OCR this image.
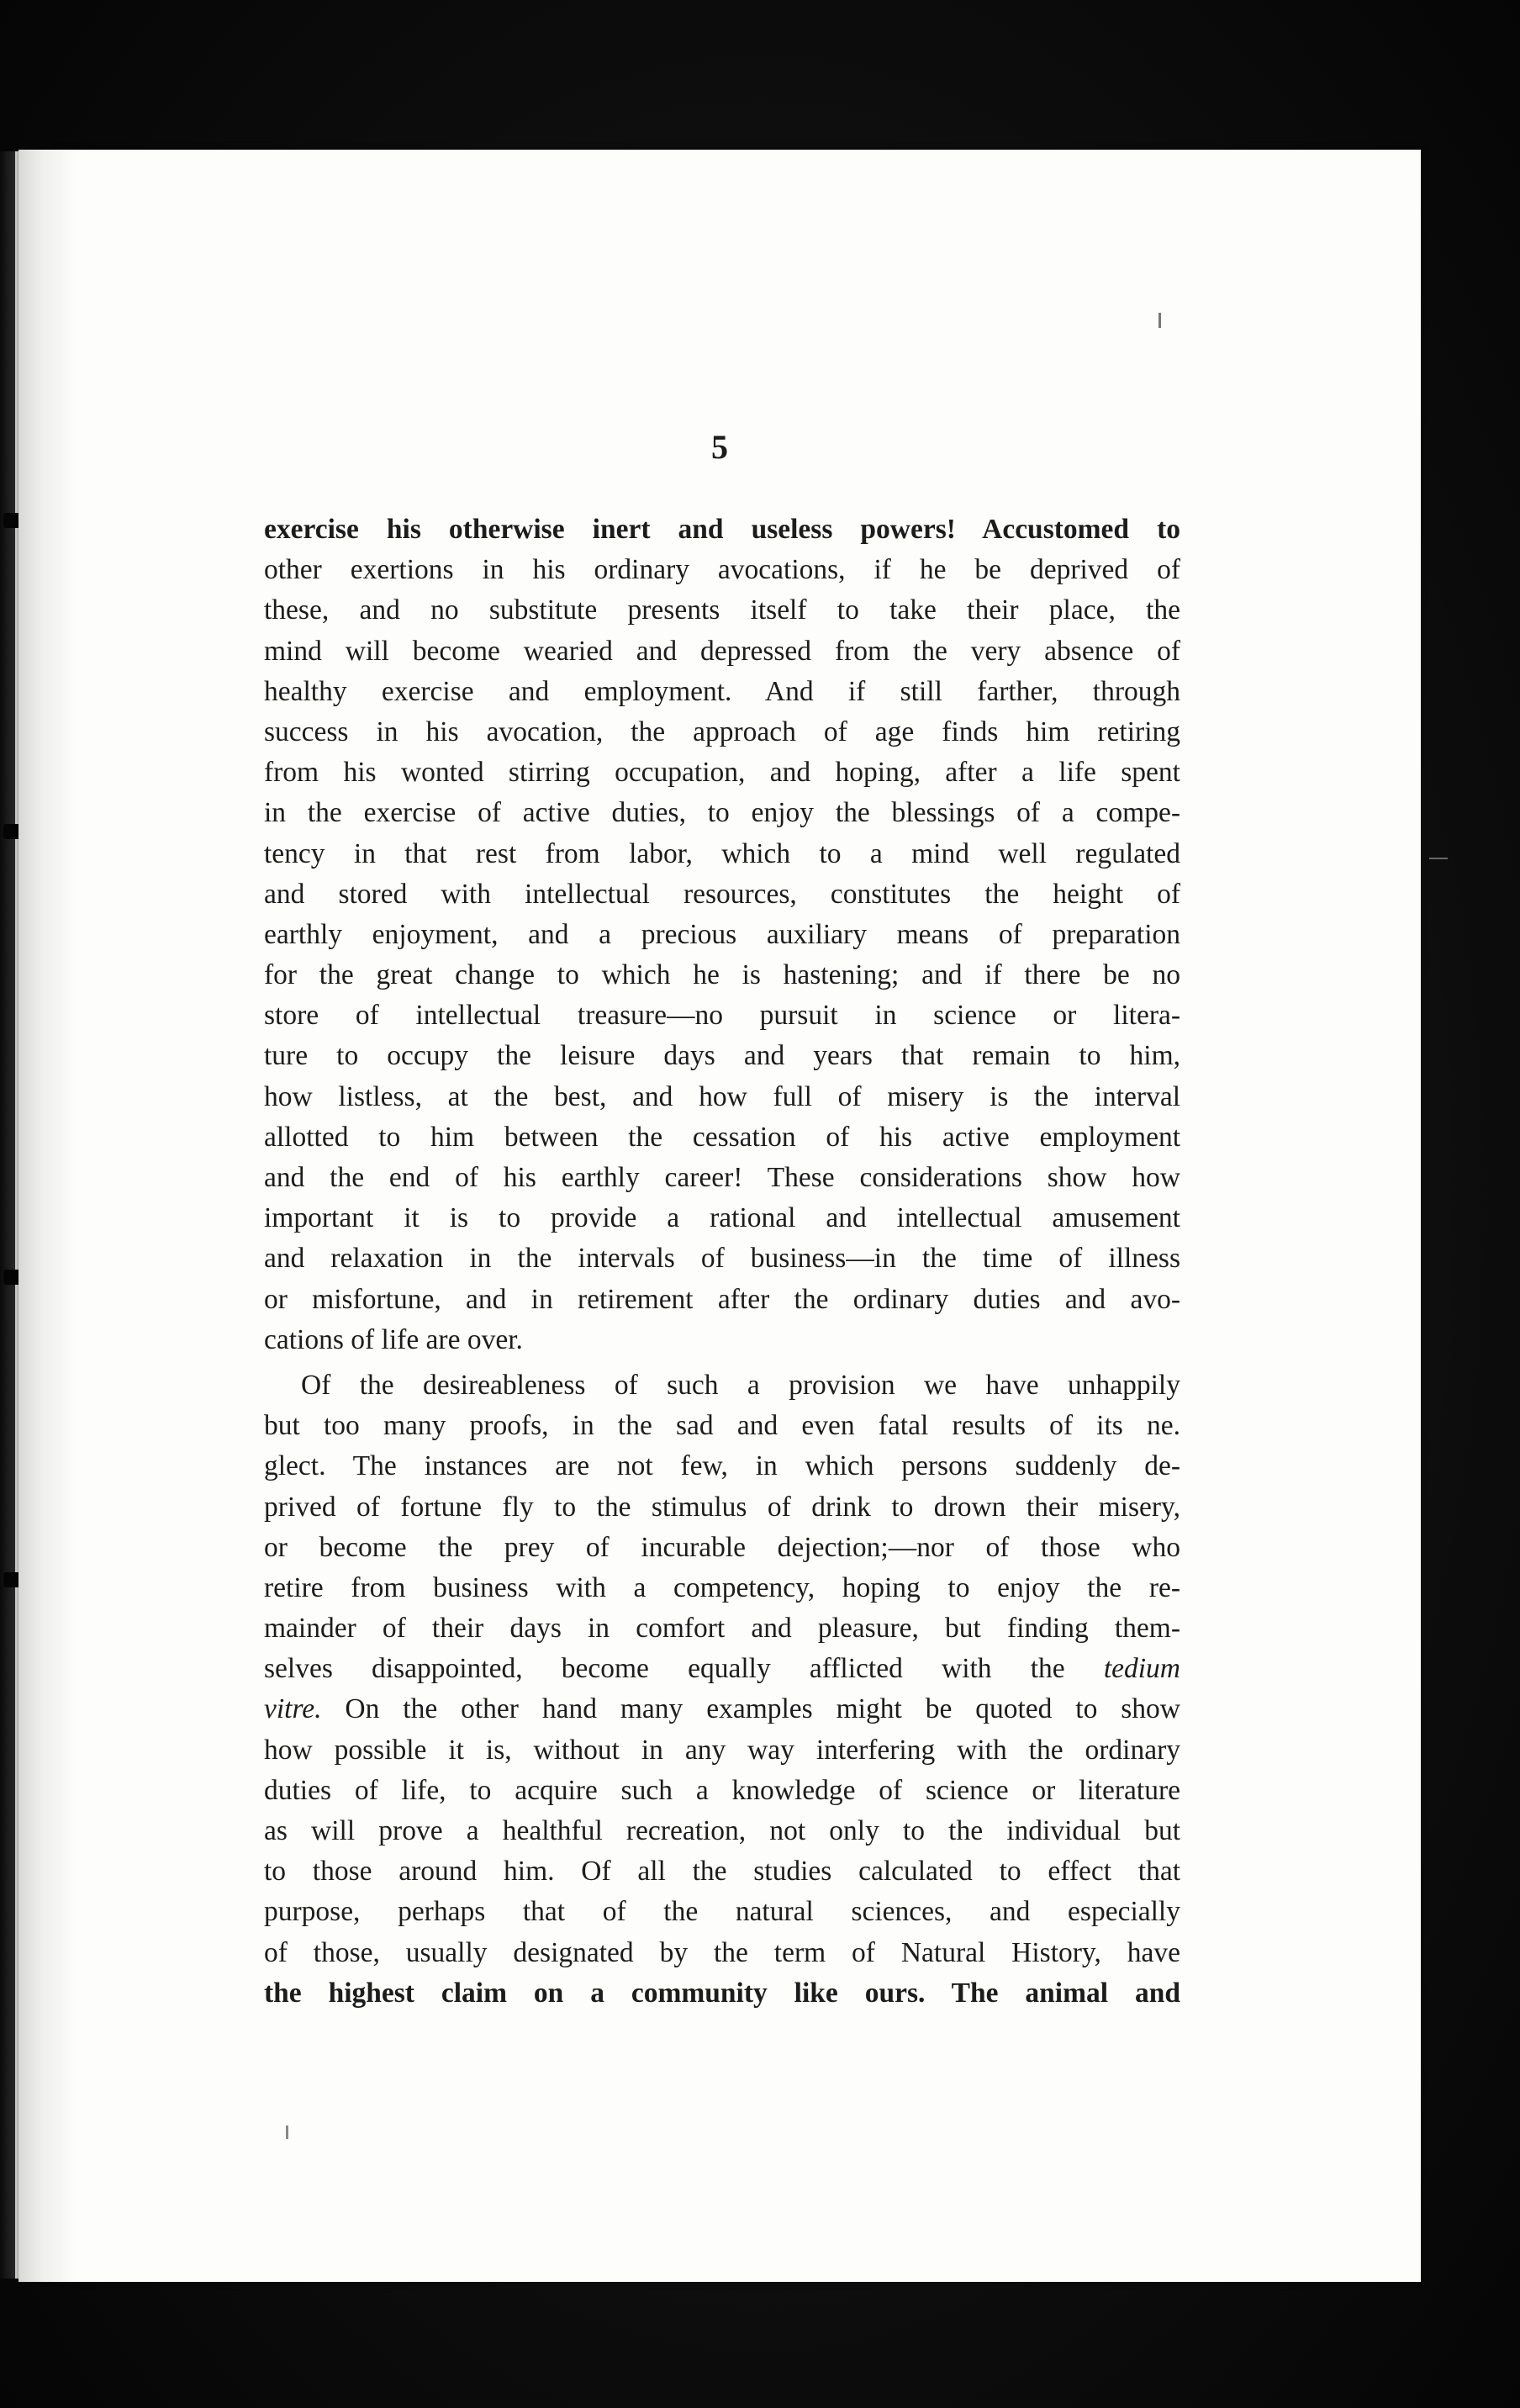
5
exercise his otherwise inert and useless powers! Accustomed to
other exertions in his ordinary avocations, if he be deprived of
these, and no substitute presents itself to take their place, the
mind will become wearied and depressed from the very absence of
healthy exercise and employment. And if still farther, through
success in his avocation, the approach of age finds him retiring
from his wonted stirring occupation, and hoping, after a life spent
in the exercise of active duties, to enjoy the blessings of a compe-
tency in that rest from labor, which to a mind well regulated
and stored with intellectual resources, constitutes the height of
earthly enjoyment, and a precious auxiliary means of preparation
for the great change to which he is hastening; and if there be no
store of intellectual treasure—no pursuit in science or litera-
ture to occupy the leisure days and years that remain to him,
how listless, at the best, and how full of misery is the interval
allotted to him between the cessation of his active employment
and the end of his earthly career! These considerations show how
important it is to provide a rational and intellectual amusement
and relaxation in the intervals of business—in the time of illness
or misfortune, and in retirement after the ordinary duties and avo-
cations of life are over.
Of the desireableness of such a provision we have unhappily
but too many proofs, in the sad and even fatal results of its ne.
glect. The instances are not few, in which persons suddenly de-
prived of fortune fly to the stimulus of drink to drown their misery,
or become the prey of incurable dejection;—nor of those who
retire from business with a competency, hoping to enjoy the re-
mainder of their days in comfort and pleasure, but finding them-
selves disappointed, become equally afflicted with the tedium
vitre. On the other hand many examples might be quoted to show
how possible it is, without in any way interfering with the ordinary
duties of life, to acquire such a knowledge of science or literature
as will prove a healthful recreation, not only to the individual but
to those around him. Of all the studies calculated to effect that
purpose, perhaps that of the natural sciences, and especially
of those, usually designated by the term of Natural History, have
the highest claim on a community like ours. The animal and
